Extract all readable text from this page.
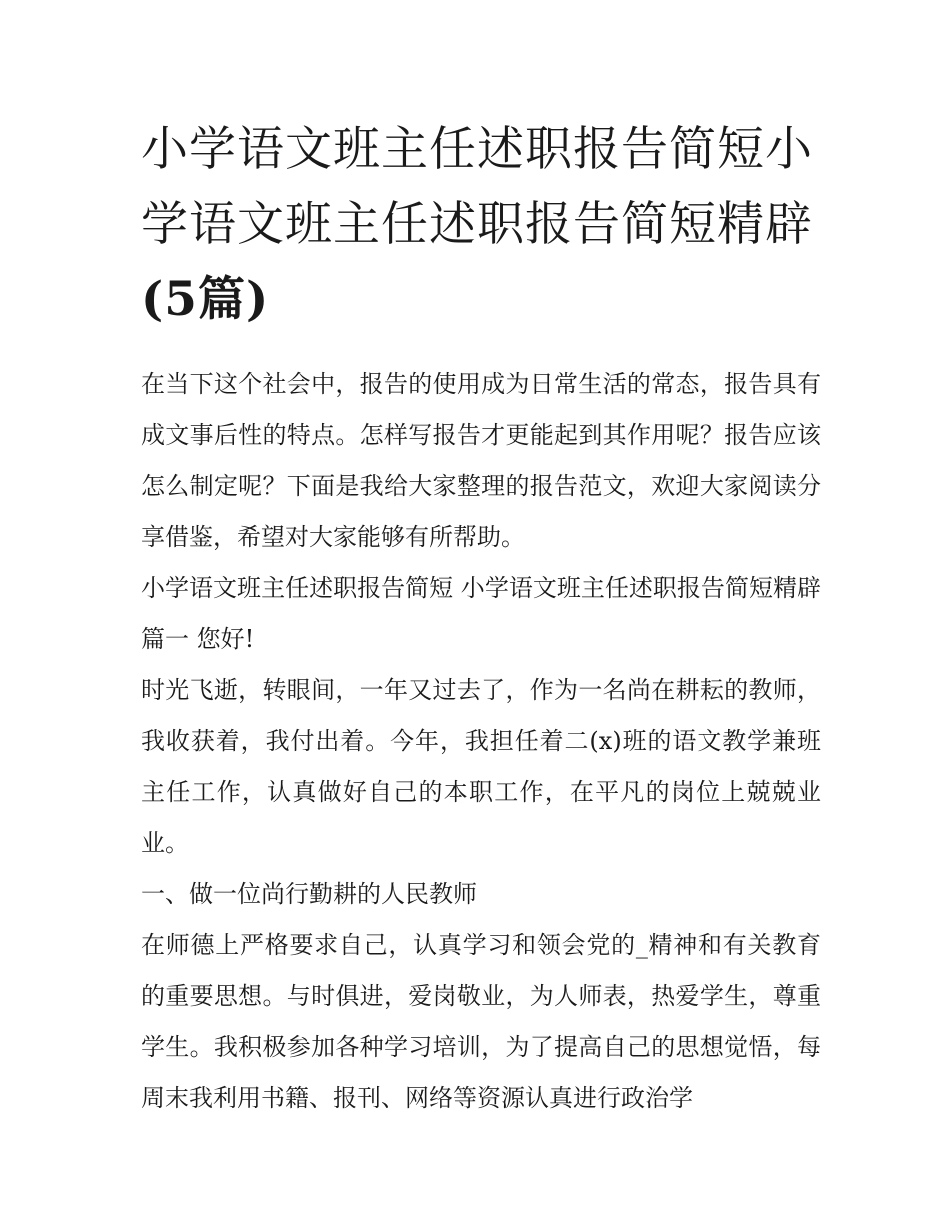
小学语文班主任述职报告简短小学语文班主任述职报告简短精辟(5篇)

在当下这个社会中，报告的使用成为日常生活的常态，报告具有成文事后性的特点。怎样写报告才更能起到其作用呢？报告应该怎么制定呢？下面是我给大家整理的报告范文，欢迎大家阅读分享借鉴，希望对大家能够有所帮助。

小学语文班主任述职报告简短 小学语文班主任述职报告简短精辟篇一 您好!

时光飞逝，转眼间，一年又过去了，作为一名尚在耕耘的教师，我收获着，我付出着。今年，我担任着二(x)班的语文教学兼班主任工作，认真做好自己的本职工作，在平凡的岗位上兢兢业业。

一、做一位尚行勤耕的人民教师

在师德上严格要求自己，认真学习和领会党的_精神和有关教育的重要思想。与时俱进，爱岗敬业，为人师表，热爱学生，尊重学生。我积极参加各种学习培训，为了提高自己的思想觉悟，每周末我利用书籍、报刊、网络等资源认真进行政治学
